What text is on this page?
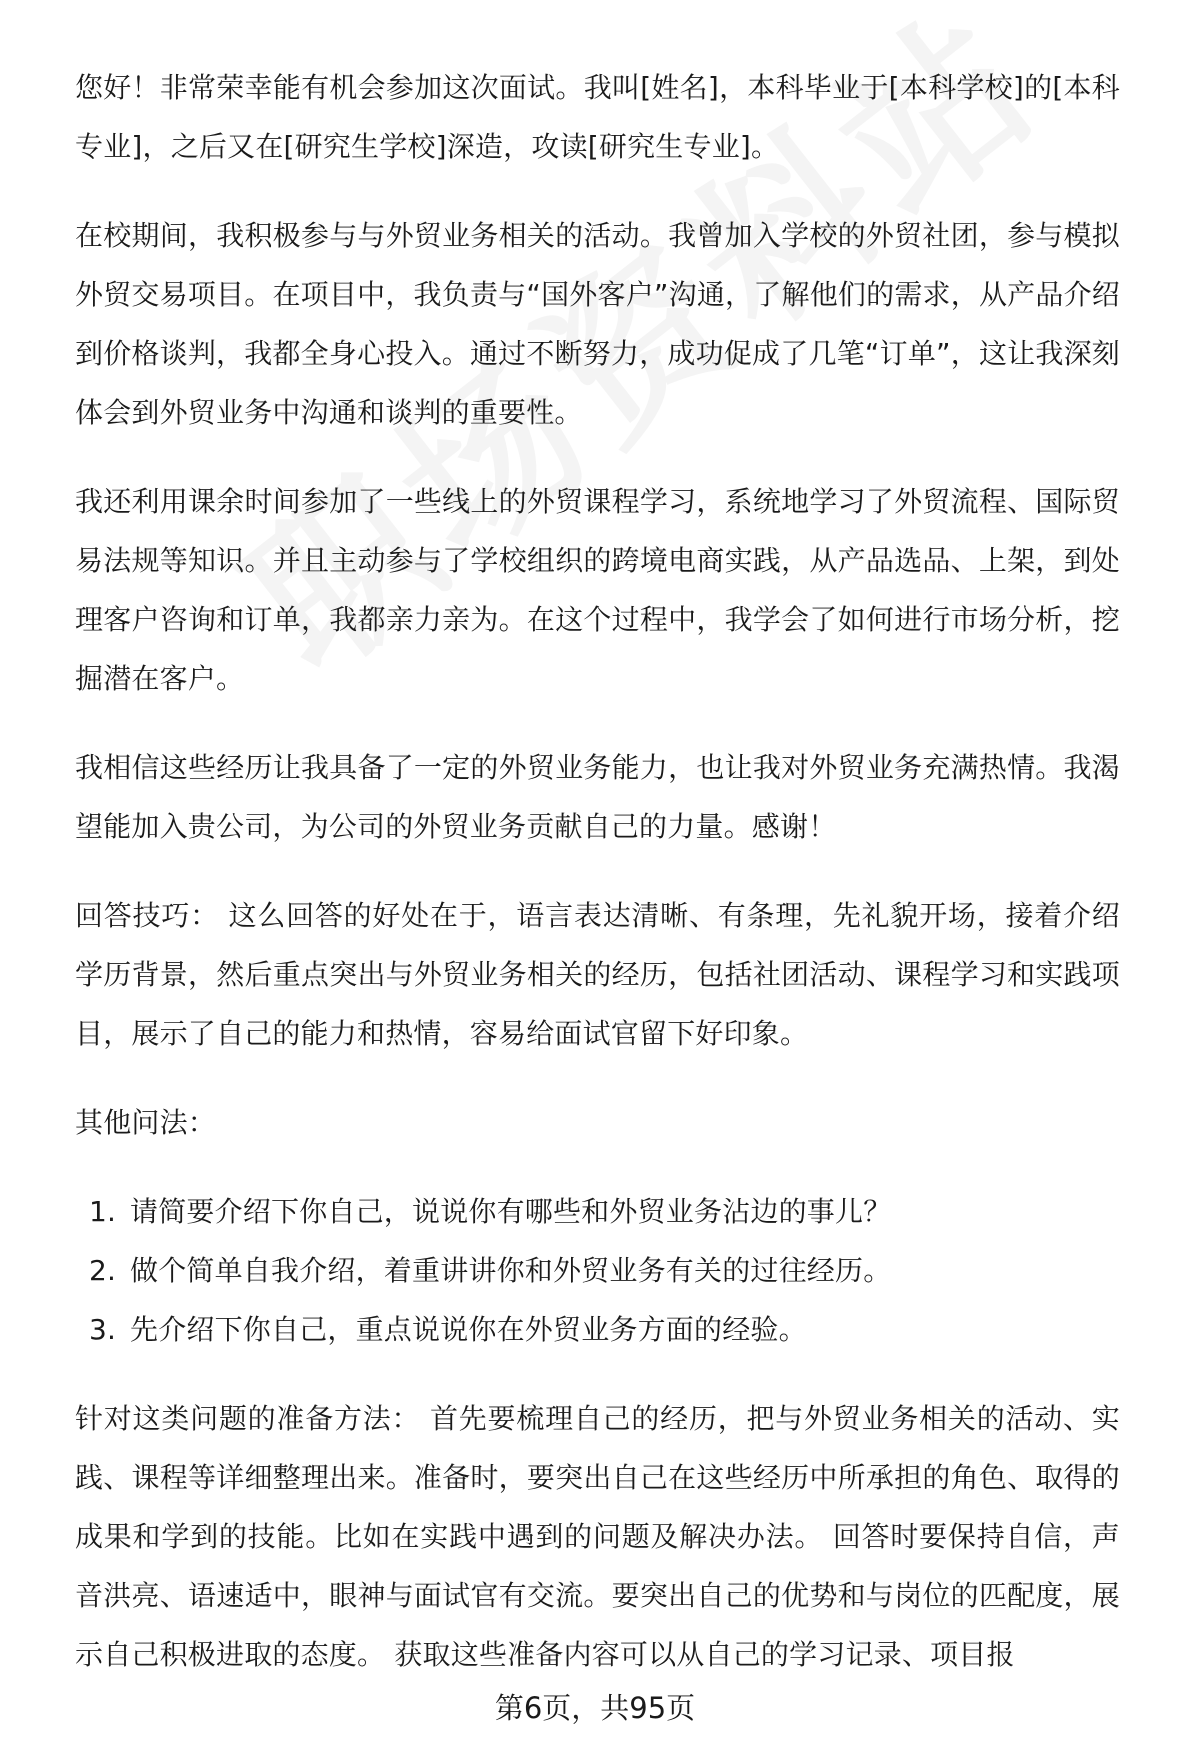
您好！非常荣幸能有机会参加这次面试。我叫[姓名]，本科毕业于[本科学校]的[本科专业]，之后又在[研究生学校]深造，攻读[研究生专业]。

在校期间，我积极参与与外贸业务相关的活动。我曾加入学校的外贸社团，参与模拟外贸交易项目。在项目中，我负责与“国外客户”沟通，了解他们的需求，从产品介绍到价格谈判，我都全身心投入。通过不断努力，成功促成了几笔“订单”，这让我深刻体会到外贸业务中沟通和谈判的重要性。

我还利用课余时间参加了一些线上的外贸课程学习，系统地学习了外贸流程、国际贸易法规等知识。并且主动参与了学校组织的跨境电商实践，从产品选品、上架，到处理客户咨询和订单，我都亲力亲为。在这个过程中，我学会了如何进行市场分析，挖掘潜在客户。

我相信这些经历让我具备了一定的外贸业务能力，也让我对外贸业务充满热情。我渴望能加入贵公司，为公司的外贸业务贡献自己的力量。感谢！

回答技巧： 这么回答的好处在于，语言表达清晰、有条理，先礼貌开场，接着介绍学历背景，然后重点突出与外贸业务相关的经历，包括社团活动、课程学习和实践项目，展示了自己的能力和热情，容易给面试官留下好印象。

其他问法：

1. 请简要介绍下你自己，说说你有哪些和外贸业务沾边的事儿？
2. 做个简单自我介绍，着重讲讲你和外贸业务有关的过往经历。
3. 先介绍下你自己，重点说说你在外贸业务方面的经验。

针对这类问题的准备方法： 首先要梳理自己的经历，把与外贸业务相关的活动、实践、课程等详细整理出来。准备时，要突出自己在这些经历中所承担的角色、取得的成果和学到的技能。比如在实践中遇到的问题及解决办法。 回答时要保持自信，声音洪亮、语速适中，眼神与面试官有交流。要突出自己的优势和与岗位的匹配度，展示自己积极进取的态度。 获取这些准备内容可以从自己的学习记录、项目报

第6页，共95页
